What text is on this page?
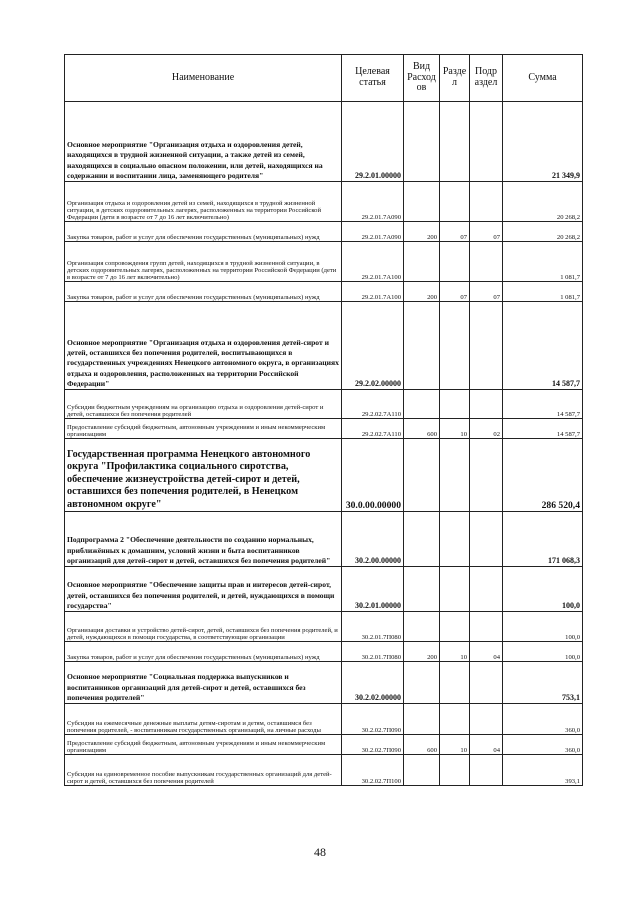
Наименование	Целевая статья	Вид Расход ов	Разде л	Подр аздел	Сумма
Основное мероприятие "Организация отдыха и оздоровления детей, находящихся в трудной жизненной ситуации, а также детей из семей, находящихся в социально опасном положении, или детей, находящихся на содержании и воспитании лица, заменяющего родителя"	29.2.01.00000				21 349,9
Организация отдыха и оздоровления детей из семей, находящихся в трудной жизненной ситуации, в детских оздоровительных лагерях, расположенных на территории Российской Федерации (дети в возрасте от 7 до 16 лет включительно)	29.2.01.7А090				20 268,2
Закупка товаров, работ и услуг для обеспечения государственных (муниципальных) нужд	29.2.01.7А090	200	07	07	20 268,2
Организация сопровождения групп детей, находящихся в трудной жизненной ситуации, в детских оздоровительных лагерях, расположенных на территории Российской Федерации (дети в возрасте от 7 до 16 лет включительно)	29.2.01.7А100				1 081,7
Закупка товаров, работ и услуг для обеспечения государственных (муниципальных) нужд	29.2.01.7А100	200	07	07	1 081,7
Основное мероприятие "Организация отдыха и оздоровления детей-сирот и детей, оставшихся без попечения родителей, воспитывающихся в государственных учреждениях Ненецкого автономного округа, в организациях отдыха и оздоровления, расположенных на территории Российской Федерации"	29.2.02.00000				14 587,7
Субсидии бюджетным учреждениям на организацию отдыха и оздоровления детей-сирот и детей, оставшихся без попечения родителей	29.2.02.7А110				14 587,7
Предоставление субсидий бюджетным, автономным учреждениям и иным некоммерческим организациям	29.2.02.7А110	600	10	02	14 587,7
Государственная программа Ненецкого автономного округа "Профилактика социального сиротства, обеспечение жизнеустройства детей-сирот и детей, оставшихся без попечения родителей, в Ненецком автономном округе"	30.0.00.00000				286 520,4
Подпрограмма 2 "Обеспечение деятельности по созданию нормальных, приближённых к домашним, условий жизни и быта воспитанников организаций для детей-сирот и детей, оставшихся без попечения родителей"	30.2.00.00000				171 068,3
Основное мероприятие "Обеспечение защиты прав и интересов детей-сирот, детей, оставшихся без попечения родителей, и детей, нуждающихся в помощи государства"	30.2.01.00000				100,0
Организация доставки и устройство детей-сирот, детей, оставшихся без попечения родителей, и детей, нуждающихся в помощи государства, в соответствующие организации	30.2.01.7П080				100,0
Закупка товаров, работ и услуг для обеспечения государственных (муниципальных) нужд	30.2.01.7П080	200	10	04	100,0
Основное мероприятие "Социальная поддержка выпускников и воспитанников организаций для детей-сирот и детей, оставшихся без попечения родителей"	30.2.02.00000				753,1
Субсидия на ежемесячные денежные выплаты детям-сиротам и детям, оставшимся без попечения родителей, - воспитанникам государственных организаций, на личные расходы	30.2.02.7П090				360,0
Предоставление субсидий бюджетным, автономным учреждениям и иным некоммерческим организациям	30.2.02.7П090	600	10	04	360,0
Субсидия на единовременное пособие выпускникам государственных организаций для детей-сирот и детей, оставшихся без попечения родителей	30.2.02.7П100				393,1
48
